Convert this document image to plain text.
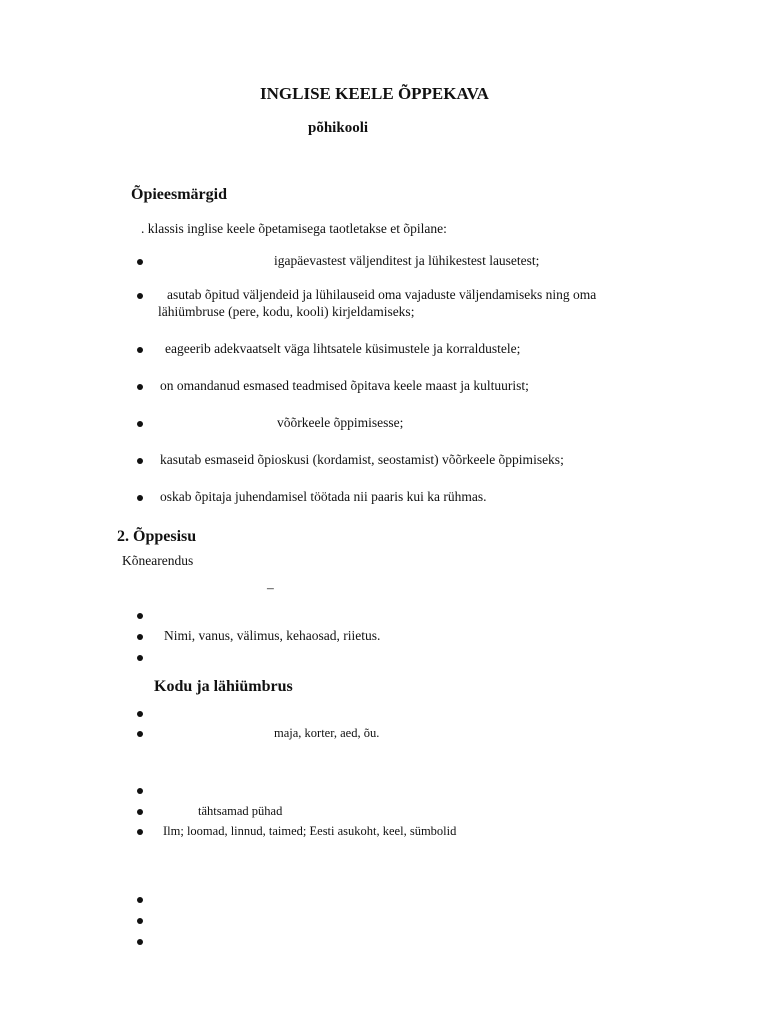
INGLISE KEELE ÕPPEKAVA
põhikooli
Õpieesmärgid
. klassis inglise keele õpetamisega taotletakse et õpilane:
igapäevastest väljenditest ja lühikestest lausetest;
asutab õpitud väljendeid ja lühilauseid oma vajaduste väljendamiseks ning oma
lähiümbruse (pere, kodu, kooli) kirjeldamiseks;
eageerib adekvaatselt väga lihtsatele küsimustele ja korraldustele;
on omandanud esmased teadmised õpitava keele maast ja kultuurist;
võõrkeele õppimisesse;
kasutab esmaseid õpioskusi (kordamist, seostamist) võõrkeele õppimiseks;
oskab õpitaja juhendamisel töötada nii paaris kui ka rühmas.
2. Õppesisu
Kõnearendus
–
Nimi, vanus, välimus, kehaosad, riietus.
Kodu ja lähiümbrus
maja, korter, aed, õu.
tähtsamad pühad
Ilm; loomad, linnud, taimed; Eesti asukoht, keel, sümbolid
